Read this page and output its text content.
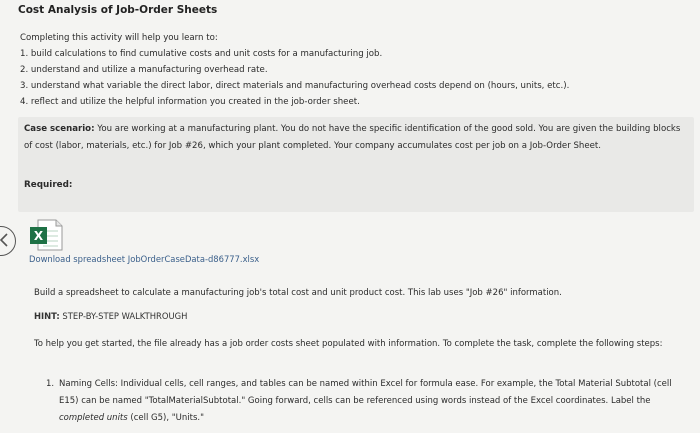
Cost Analysis of Job-Order Sheets

Completing this activity will help you learn to:

1. build calculations to find cumulative costs and unit costs for a manufacturing job.
2. understand and utilize a manufacturing overhead rate.
3. understand what variable the direct labor, direct materials and manufacturing overhead costs depend on (hours, units, etc.).
4. reflect and utilize the helpful information you created in the job-order sheet.
Case scenario: You are working at a manufacturing plant. You do not have the specific identification of the good sold. You are given the building blocks of cost (labor, materials, etc.) for Job #26, which your plant completed. Your company accumulates cost per job on a Job-Order Sheet.
Required:
X
Download spreadsheet JobOrderCaseData-d86777.xlsx
Build a spreadsheet to calculate a manufacturing job's total cost and unit product cost. This lab uses "Job #26" information.
HINT: STEP-BY-STEP WALKTHROUGH
To help you get started, the file already has a job order costs sheet populated with information. To complete the task, complete the following steps:
1. Naming Cells: Individual cells, cell ranges, and tables can be named within Excel for formula ease. For example, the Total Material Subtotal (cell E15) can be named "TotalMaterialSubtotal." Going forward, cells can be referenced using words instead of the Excel coordinates. Label the completed units (cell G5), "Units."
